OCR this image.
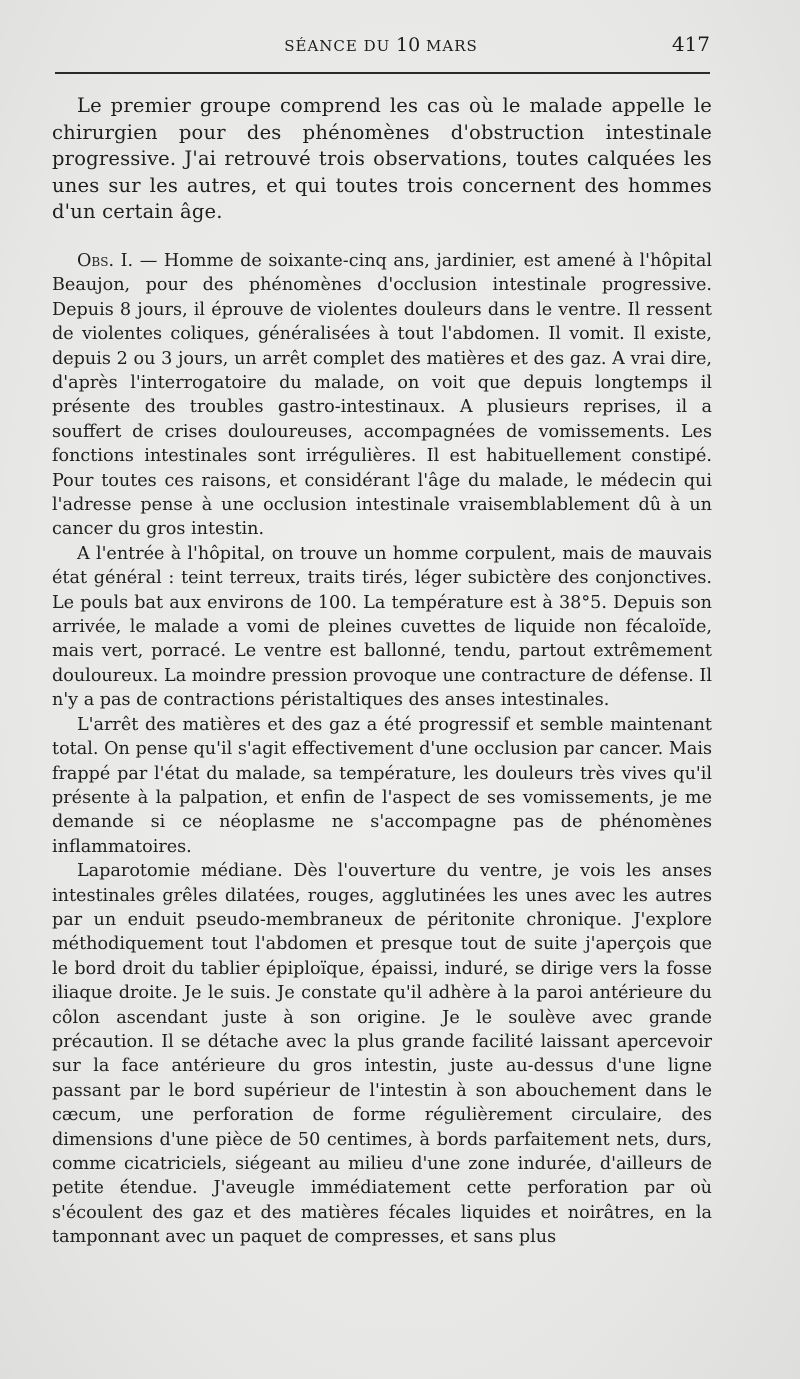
SÉANCE DU 10 MARS	417

Le premier groupe comprend les cas où le malade appelle le chirurgien pour des phénomènes d'obstruction intestinale progressive. J'ai retrouvé trois observations, toutes calquées les unes sur les autres, et qui toutes trois concernent des hommes d'un certain âge.

Obs. I. — Homme de soixante-cinq ans, jardinier, est amené à l'hôpital Beaujon, pour des phénomènes d'occlusion intestinale progressive. Depuis 8 jours, il éprouve de violentes douleurs dans le ventre. Il ressent de violentes coliques, généralisées à tout l'abdomen. Il vomit. Il existe, depuis 2 ou 3 jours, un arrêt complet des matières et des gaz. A vrai dire, d'après l'interrogatoire du malade, on voit que depuis longtemps il présente des troubles gastro-intestinaux. A plusieurs reprises, il a souffert de crises douloureuses, accompagnées de vomissements. Les fonctions intestinales sont irrégulières. Il est habituellement constipé. Pour toutes ces raisons, et considérant l'âge du malade, le médecin qui l'adresse pense à une occlusion intestinale vraisemblablement dû à un cancer du gros intestin.

A l'entrée à l'hôpital, on trouve un homme corpulent, mais de mauvais état général : teint terreux, traits tirés, léger subictère des conjonctives. Le pouls bat aux environs de 100. La température est à 38°5. Depuis son arrivée, le malade a vomi de pleines cuvettes de liquide non fécaloïde, mais vert, porracé. Le ventre est ballonné, tendu, partout extrêmement douloureux. La moindre pression provoque une contracture de défense. Il n'y a pas de contractions péristaltiques des anses intestinales.

L'arrêt des matières et des gaz a été progressif et semble maintenant total. On pense qu'il s'agit effectivement d'une occlusion par cancer. Mais frappé par l'état du malade, sa température, les douleurs très vives qu'il présente à la palpation, et enfin de l'aspect de ses vomissements, je me demande si ce néoplasme ne s'accompagne pas de phénomènes inflammatoires.

Laparotomie médiane. Dès l'ouverture du ventre, je vois les anses intestinales grêles dilatées, rouges, agglutinées les unes avec les autres par un enduit pseudo-membraneux de péritonite chronique. J'explore méthodiquement tout l'abdomen et presque tout de suite j'aperçois que le bord droit du tablier épiploïque, épaissi, induré, se dirige vers la fosse iliaque droite. Je le suis. Je constate qu'il adhère à la paroi antérieure du côlon ascendant juste à son origine. Je le soulève avec grande précaution. Il se détache avec la plus grande facilité laissant apercevoir sur la face antérieure du gros intestin, juste au-dessus d'une ligne passant par le bord supérieur de l'intestin à son abouchement dans le cæcum, une perforation de forme régulièrement circulaire, des dimensions d'une pièce de 50 centimes, à bords parfaitement nets, durs, comme cicatriciels, siégeant au milieu d'une zone indurée, d'ailleurs de petite étendue. J'aveugle immédiatement cette perforation par où s'écoulent des gaz et des matières fécales liquides et noirâtres, en la tamponnant avec un paquet de compresses, et sans plus
